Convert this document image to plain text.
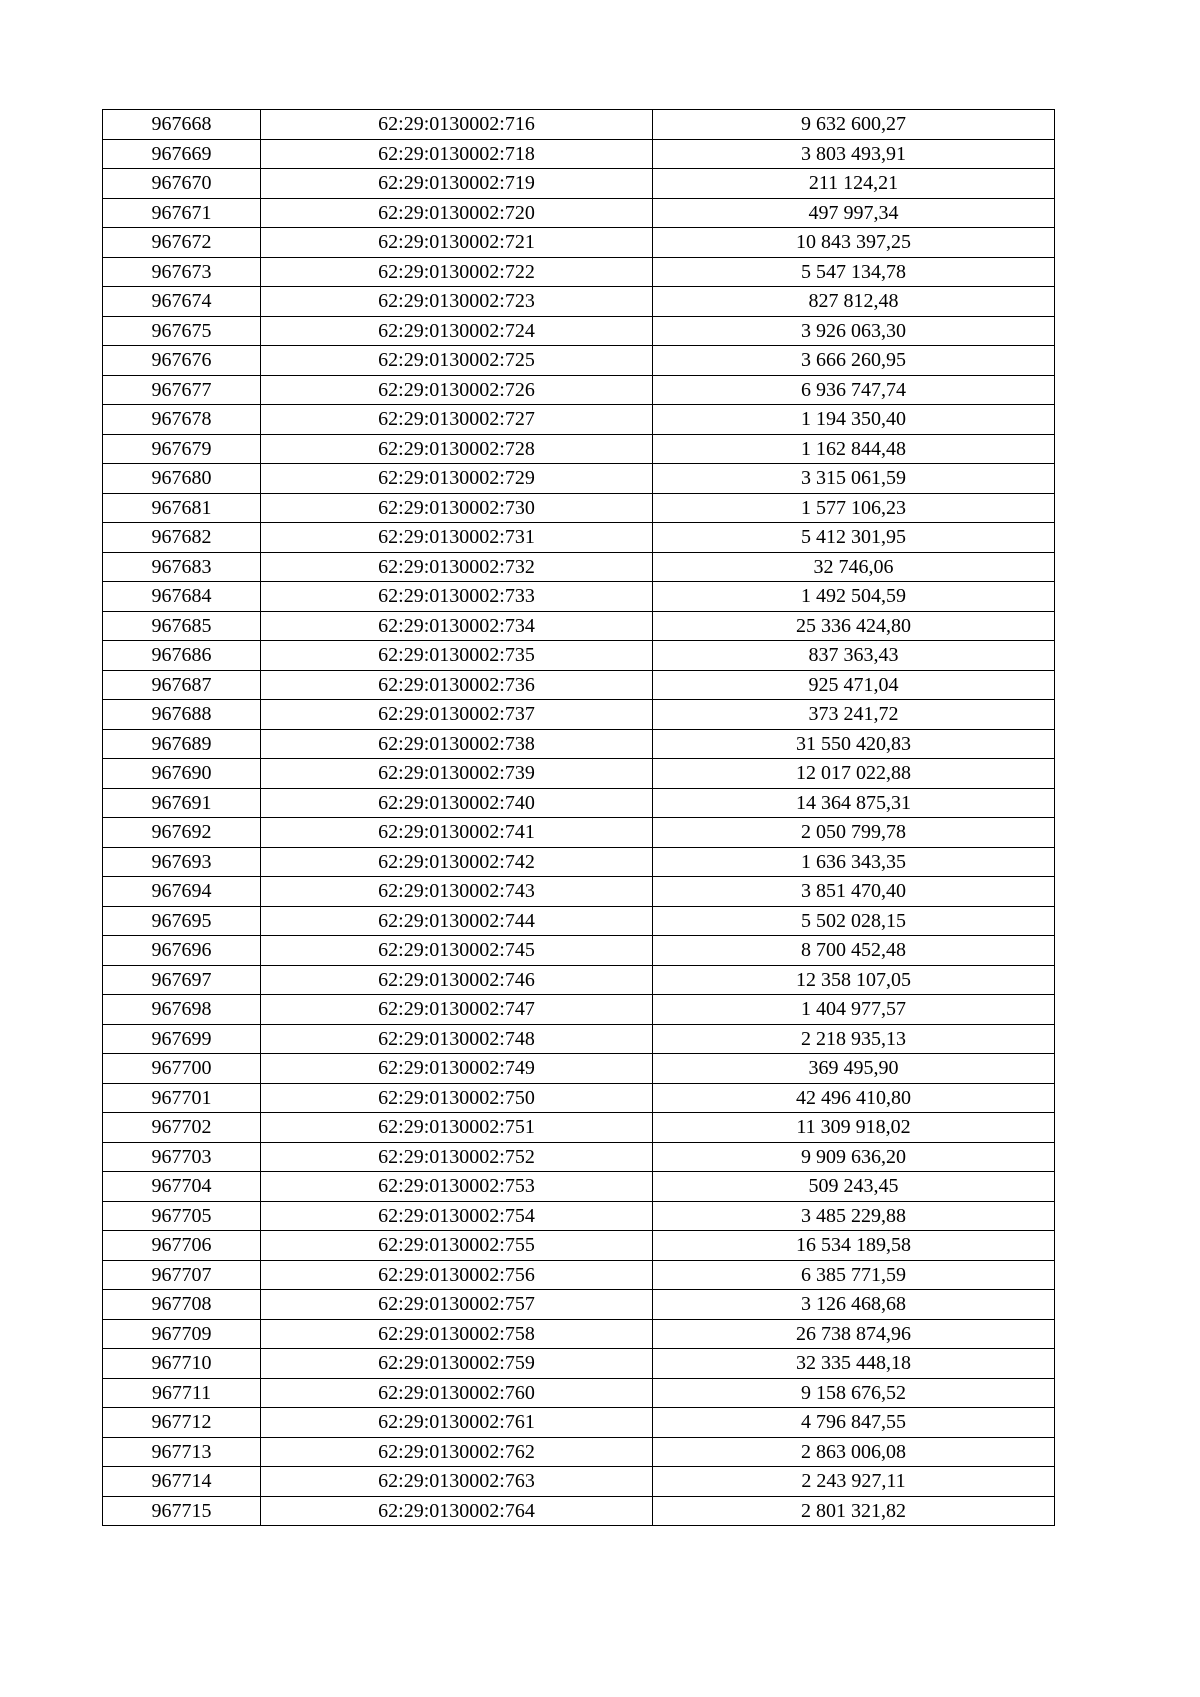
967668	62:29:0130002:716	9 632 600,27
967669	62:29:0130002:718	3 803 493,91
967670	62:29:0130002:719	211 124,21
967671	62:29:0130002:720	497 997,34
967672	62:29:0130002:721	10 843 397,25
967673	62:29:0130002:722	5 547 134,78
967674	62:29:0130002:723	827 812,48
967675	62:29:0130002:724	3 926 063,30
967676	62:29:0130002:725	3 666 260,95
967677	62:29:0130002:726	6 936 747,74
967678	62:29:0130002:727	1 194 350,40
967679	62:29:0130002:728	1 162 844,48
967680	62:29:0130002:729	3 315 061,59
967681	62:29:0130002:730	1 577 106,23
967682	62:29:0130002:731	5 412 301,95
967683	62:29:0130002:732	32 746,06
967684	62:29:0130002:733	1 492 504,59
967685	62:29:0130002:734	25 336 424,80
967686	62:29:0130002:735	837 363,43
967687	62:29:0130002:736	925 471,04
967688	62:29:0130002:737	373 241,72
967689	62:29:0130002:738	31 550 420,83
967690	62:29:0130002:739	12 017 022,88
967691	62:29:0130002:740	14 364 875,31
967692	62:29:0130002:741	2 050 799,78
967693	62:29:0130002:742	1 636 343,35
967694	62:29:0130002:743	3 851 470,40
967695	62:29:0130002:744	5 502 028,15
967696	62:29:0130002:745	8 700 452,48
967697	62:29:0130002:746	12 358 107,05
967698	62:29:0130002:747	1 404 977,57
967699	62:29:0130002:748	2 218 935,13
967700	62:29:0130002:749	369 495,90
967701	62:29:0130002:750	42 496 410,80
967702	62:29:0130002:751	11 309 918,02
967703	62:29:0130002:752	9 909 636,20
967704	62:29:0130002:753	509 243,45
967705	62:29:0130002:754	3 485 229,88
967706	62:29:0130002:755	16 534 189,58
967707	62:29:0130002:756	6 385 771,59
967708	62:29:0130002:757	3 126 468,68
967709	62:29:0130002:758	26 738 874,96
967710	62:29:0130002:759	32 335 448,18
967711	62:29:0130002:760	9 158 676,52
967712	62:29:0130002:761	4 796 847,55
967713	62:29:0130002:762	2 863 006,08
967714	62:29:0130002:763	2 243 927,11
967715	62:29:0130002:764	2 801 321,82
